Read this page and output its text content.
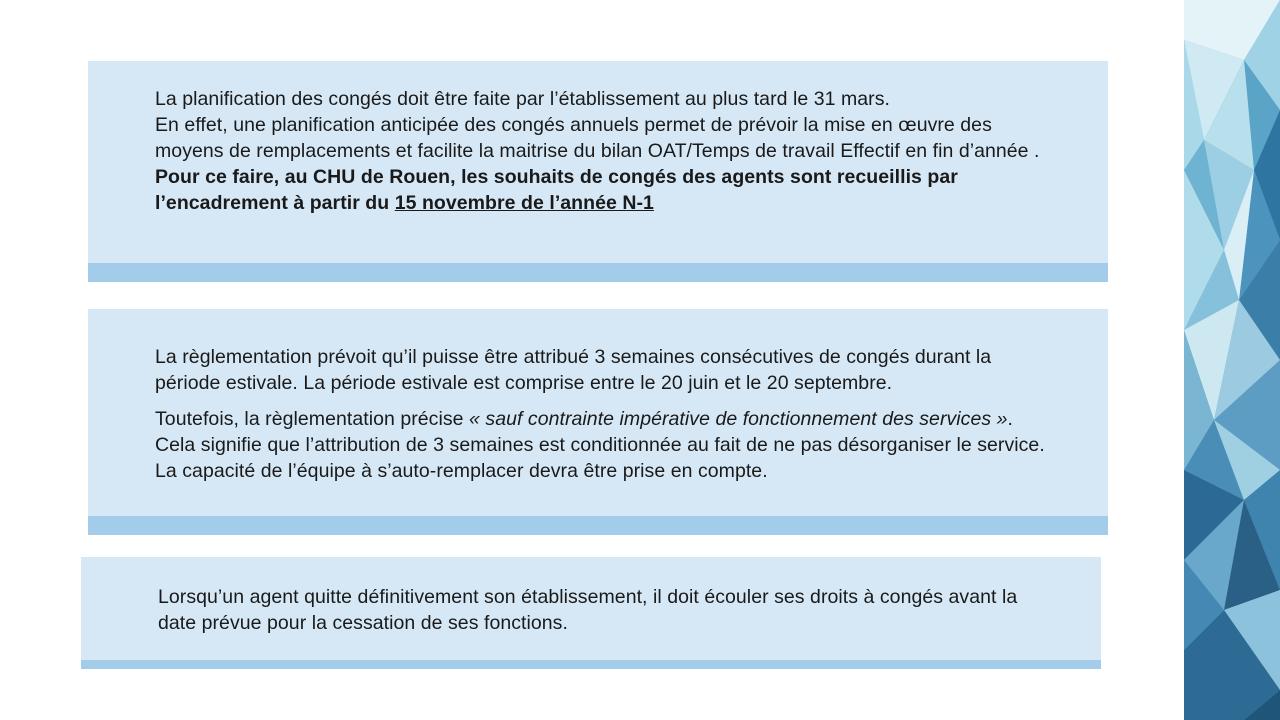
La planification des congés doit être faite par l’établissement au plus tard le 31 mars.
En effet, une planification anticipée des congés annuels permet de prévoir la mise en œuvre des moyens de remplacements et facilite la maitrise du bilan OAT/Temps de travail Effectif en fin d’année .
Pour ce faire, au CHU de Rouen, les souhaits de congés des agents sont recueillis par l’encadrement à partir du 15 novembre de l’année N-1

La règlementation prévoit qu’il puisse être attribué 3 semaines consécutives de congés durant la période estivale. La période estivale est comprise entre le 20 juin et le 20 septembre.

Toutefois, la règlementation précise « sauf contrainte impérative de fonctionnement des services ». Cela signifie que l’attribution de 3 semaines est conditionnée au fait de ne pas désorganiser le service. La capacité de l’équipe à s’auto-remplacer devra être prise en compte.

Lorsqu’un agent quitte définitivement son établissement, il doit écouler ses droits à congés avant la date prévue pour la cessation de ses fonctions.
